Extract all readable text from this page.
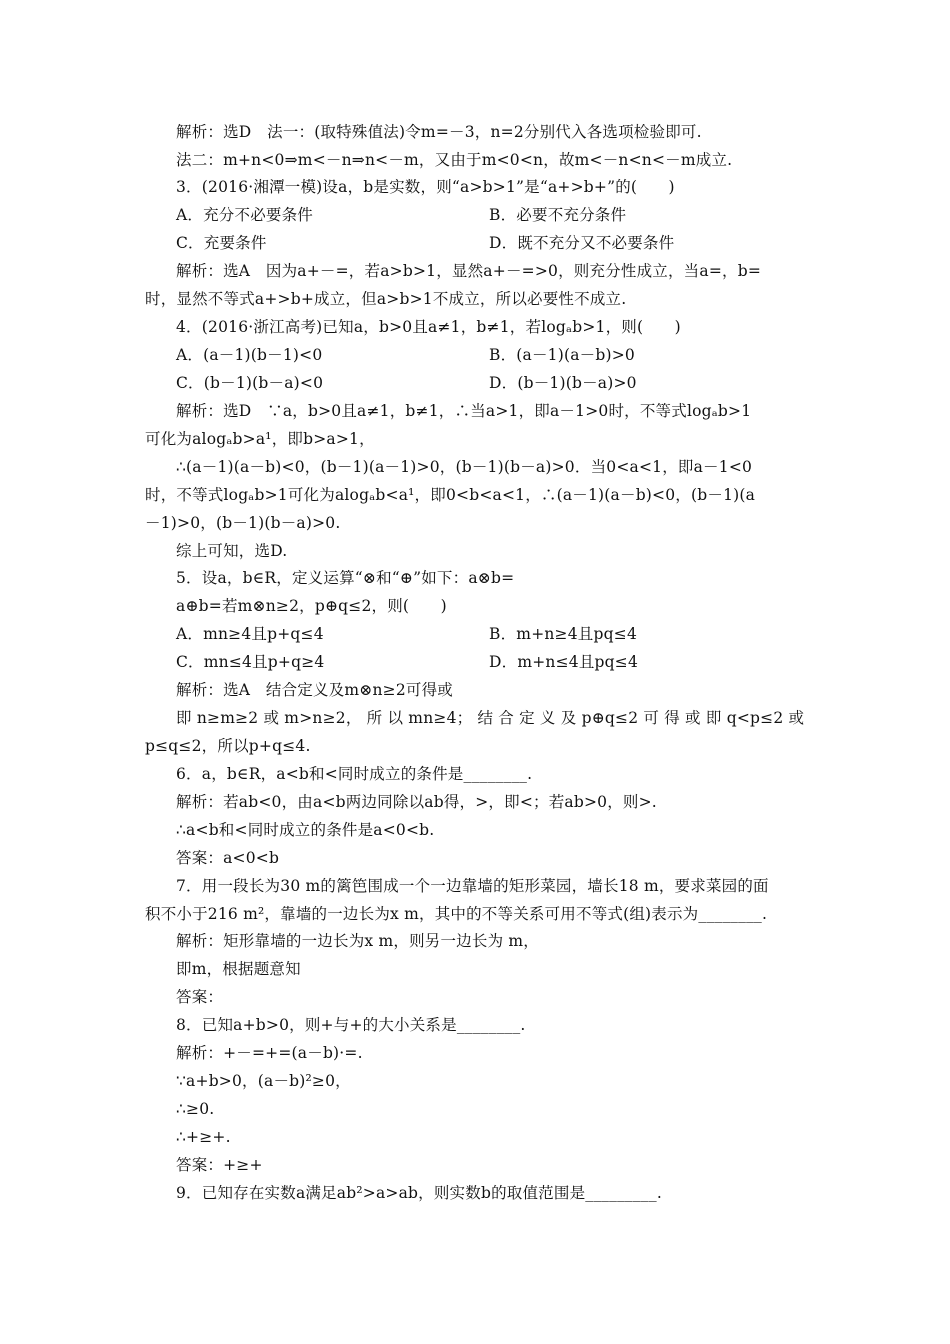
解析：选D　法一：(取特殊值法)令m=－3，n=2分别代入各选项检验即可.
法二：m+n<0⇒m<－n⇒n<－m，又由于m<0<n，故m<－n<n<－m成立.
3．(2016·湘潭一模)设a，b是实数，则“a>b>1”是“a+>b+”的(　　)
A．充分不必要条件	B．必要不充分条件
C．充要条件	D．既不充分又不必要条件
解析：选A　因为a+－=，若a>b>1，显然a+－=>0，则充分性成立，当a=，b=
时，显然不等式a+>b+成立，但a>b>1不成立，所以必要性不成立.
4．(2016·浙江高考)已知a，b>0且a≠1，b≠1，若logₐb>1，则(　　)
A．(a－1)(b－1)<0	B．(a－1)(a－b)>0
C．(b－1)(b－a)<0	D．(b－1)(b－a)>0
解析：选D　∵a，b>0且a≠1，b≠1，∴当a>1，即a－1>0时，不等式logₐb>1
可化为alogₐb>a¹，即b>a>1，
∴(a－1)(a－b)<0，(b－1)(a－1)>0，(b－1)(b－a)>0．当0<a<1，即a－1<0
时，不等式logₐb>1可化为alogₐb<a¹，即0<b<a<1，∴(a－1)(a－b)<0，(b－1)(a
－1)>0，(b－1)(b－a)>0.
综上可知，选D.
5．设a，b∈R，定义运算“⊗和“⊕”如下：a⊗b=
a⊕b=若m⊗n≥2，p⊕q≤2，则(　　)
A．mn≥4且p+q≤4	B．m+n≥4且pq≤4
C．mn≤4且p+q≥4	D．m+n≤4且pq≤4
解析：选A　结合定义及m⊗n≥2可得或
即 n≥m≥2 或 m>n≥2， 所 以 mn≥4； 结 合 定 义 及 p⊕q≤2 可 得 或 即 q<p≤2 或
p≤q≤2，所以p+q≤4.
6．a，b∈R，a<b和<同时成立的条件是________.
解析：若ab<0，由a<b两边同除以ab得，>，即<；若ab>0，则>.
∴a<b和<同时成立的条件是a<0<b.
答案：a<0<b
7．用一段长为30 m的篱笆围成一个一边靠墙的矩形菜园，墙长18 m，要求菜园的面
积不小于216 m²，靠墙的一边长为x m，其中的不等关系可用不等式(组)表示为________.
解析：矩形靠墙的一边长为x m，则另一边长为 m，
即m，根据题意知
答案：
8．已知a+b>0，则+与+的大小关系是________.
解析：+－=+=(a－b)·=.
∵a+b>0，(a－b)²≥0，
∴≥0.
∴+≥+.
答案：+≥+
9．已知存在实数a满足ab²>a>ab，则实数b的取值范围是_________.
